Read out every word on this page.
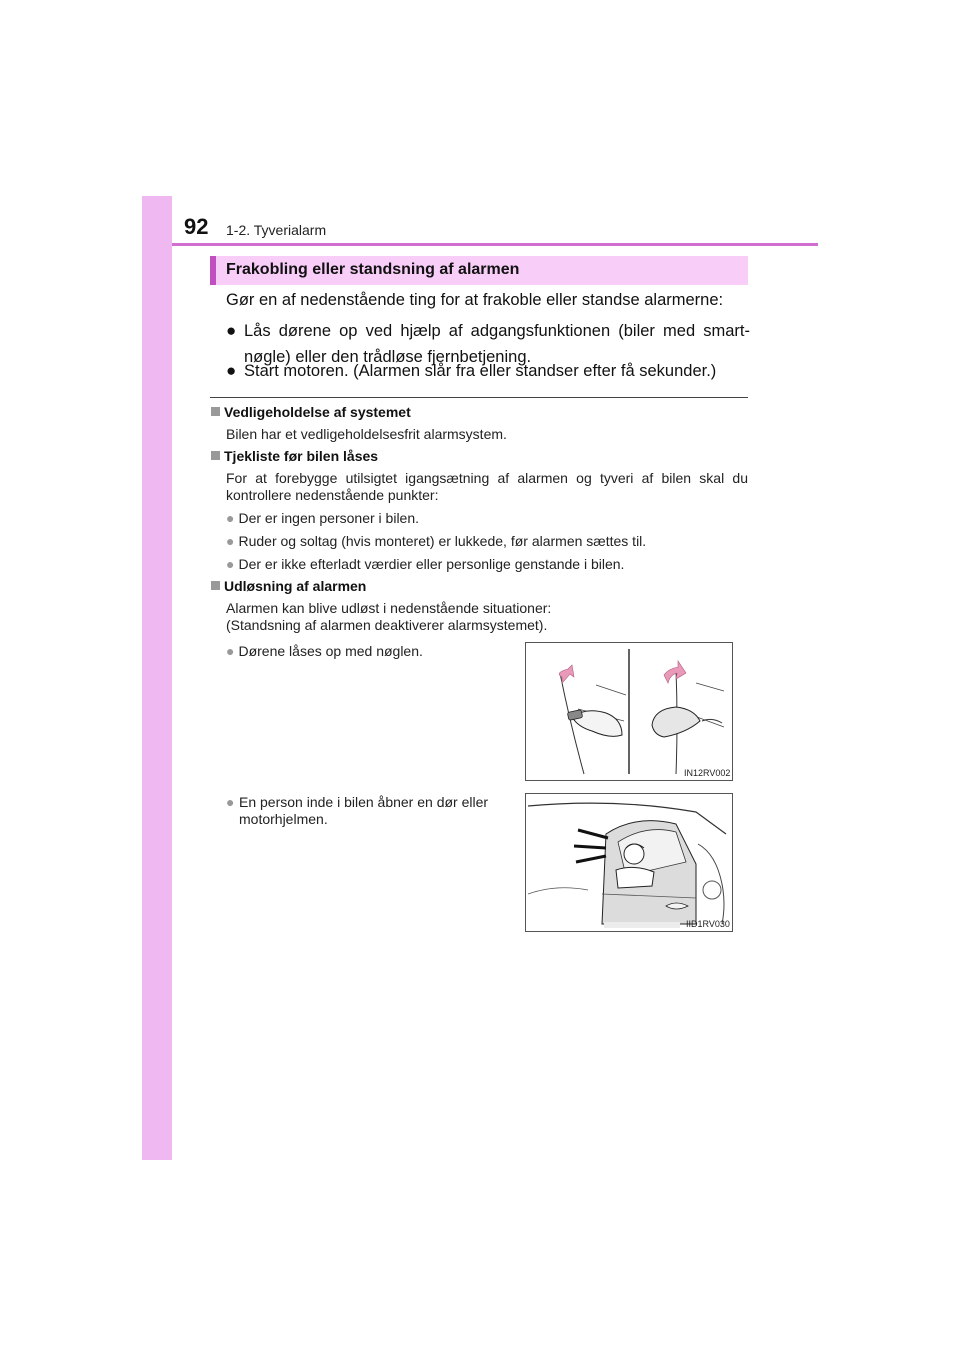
92 1-2. Tyverialarm
Frakobling eller standsning af alarmen
Gør en af nedenstående ting for at frakoble eller standse alarmerne:
● Lås dørene op ved hjælp af adgangsfunktionen (biler med smart-nøgle) eller den trådløse fjernbetjening.
● Start motoren. (Alarmen slår fra eller standser efter få sekunder.)
Vedligeholdelse af systemet
Bilen har et vedligeholdelsesfrit alarmsystem.
Tjekliste før bilen låses
For at forebygge utilsigtet igangsætning af alarmen og tyveri af bilen skal du kontrollere nedenstående punkter:
● Der er ingen personer i bilen.
● Ruder og soltag (hvis monteret) er lukkede, før alarmen sættes til.
● Der er ikke efterladt værdier eller personlige genstande i bilen.
Udløsning af alarmen
Alarmen kan blive udløst i nedenstående situationer:
(Standsning af alarmen deaktiverer alarmsystemet).
● Dørene låses op med nøglen.
● En person inde i bilen åbner en dør eller motorhjelmen.
IN12RV002
IID1RV030
